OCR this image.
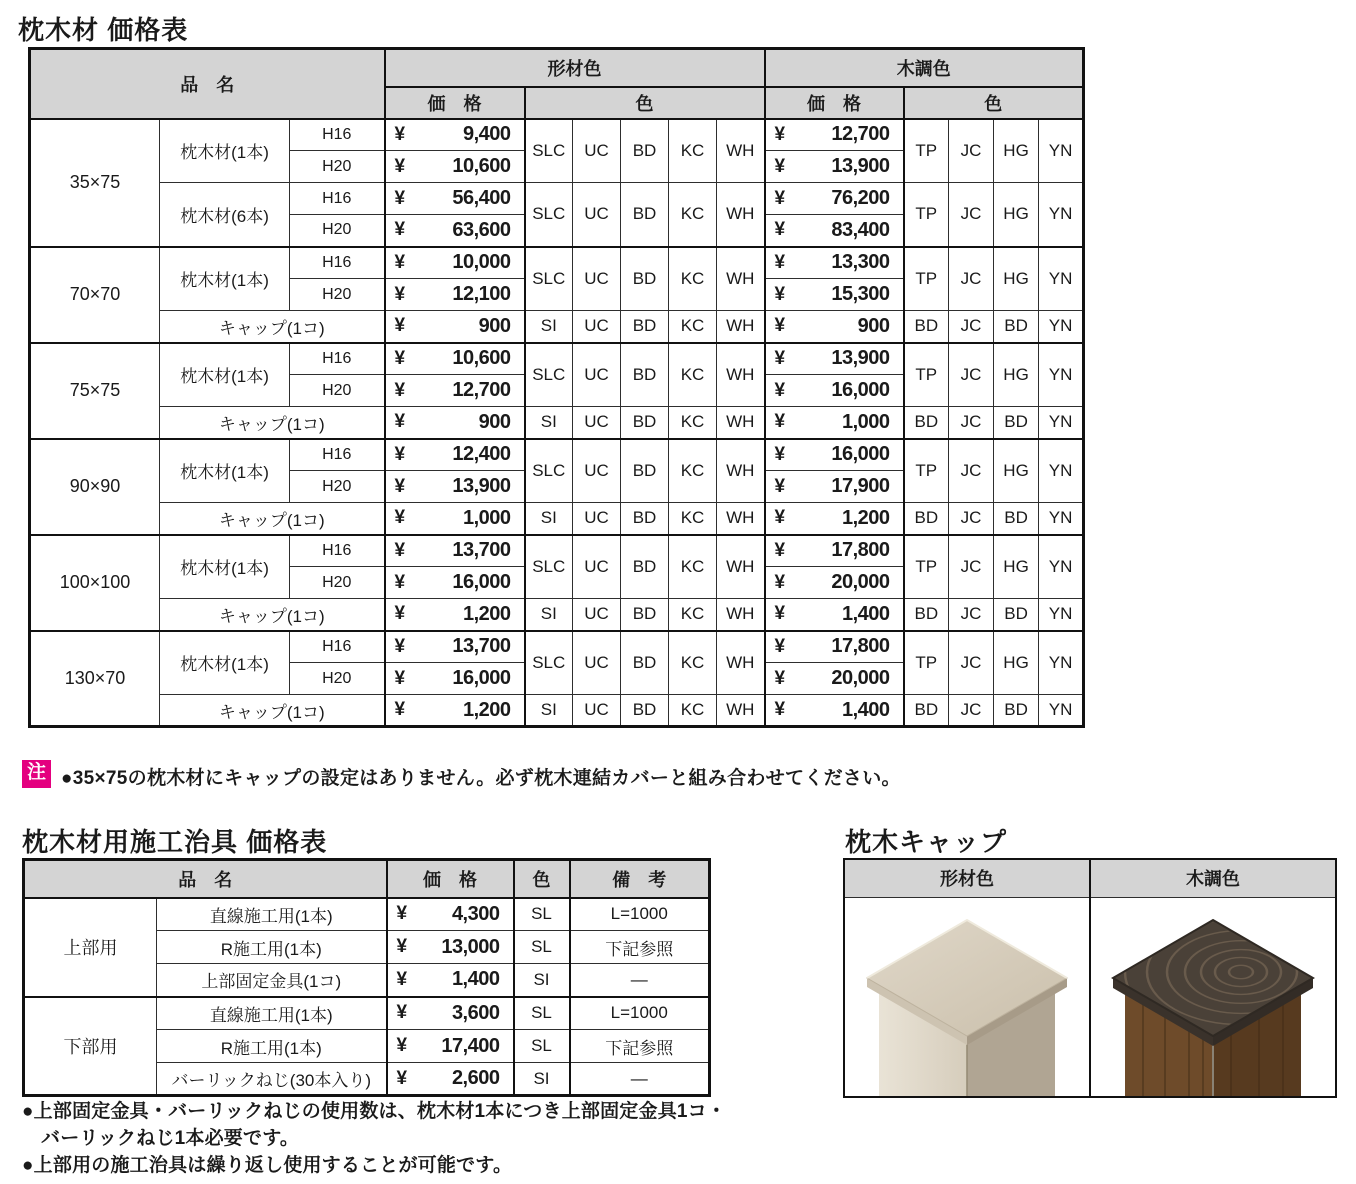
枕木材 価格表
品　名			形材色						木調色				
			価　格	色					価　格	色			
35×75	枕木材(1本)	H16	¥ 9,400	SLC	UC	BD	KC	WH	¥ 12,700	TP	JC	HG	YN
		H20	¥ 10,600						¥ 13,900				

	枕木材(6本)	H16	¥ 56,400	SLC	UC	BD	KC	WH	¥ 76,200	TP	JC	HG	YN
		H20	¥ 63,600						¥ 83,400				

70×70	枕木材(1本)	H16	¥ 10,000	SLC	UC	BD	KC	WH	¥ 13,300	TP	JC	HG	YN
		H20	¥ 12,100						¥ 15,300				

	キャップ(1コ)		¥ 900	SI	UC	BD	KC	WH	¥ 900	BD	JC	BD	YN
75×75	枕木材(1本)	H16	¥ 10,600	SLC	UC	BD	KC	WH	¥ 13,900	TP	JC	HG	YN
		H20	¥ 12,700						¥ 16,000				

	キャップ(1コ)		¥ 900	SI	UC	BD	KC	WH	¥ 1,000	BD	JC	BD	YN
90×90	枕木材(1本)	H16	¥ 12,400	SLC	UC	BD	KC	WH	¥ 16,000	TP	JC	HG	YN
		H20	¥ 13,900						¥ 17,900				

	キャップ(1コ)		¥ 1,000	SI	UC	BD	KC	WH	¥ 1,200	BD	JC	BD	YN
100×100	枕木材(1本)	H16	¥ 13,700	SLC	UC	BD	KC	WH	¥ 17,800	TP	JC	HG	YN
		H20	¥ 16,000						¥ 20,000				

	キャップ(1コ)		¥ 1,200	SI	UC	BD	KC	WH	¥ 1,400	BD	JC	BD	YN
130×70	枕木材(1本)	H16	¥ 13,700	SLC	UC	BD	KC	WH	¥ 17,800	TP	JC	HG	YN
		H20	¥ 16,000						¥ 20,000				

	キャップ(1コ)		¥ 1,200	SI	UC	BD	KC	WH	¥ 1,400	BD	JC	BD	YN
注 ●35×75の枕木材にキャップの設定はありません。必ず枕木連結カバーと組み合わせてください。
枕木材用施工治具 価格表
品　名		価　格	色	備　考
上部用	直線施工用(1本)	¥ 4,300	SL	L=1000
	R施工用(1本)	¥ 13,000	SL	下記参照
	上部固定金具(1コ)	¥ 1,400	SI	―
下部用	直線施工用(1本)	¥ 3,600	SL	L=1000
	R施工用(1本)	¥ 17,400	SL	下記参照
	バーリックねじ(30本入り)	¥ 2,600	SI	―
枕木キャップ
形材色	木調色

●上部固定金具・バーリックねじの使用数は、枕木材1本につき上部固定金具1コ・バーリックねじ1本必要です。

●上部用の施工治具は繰り返し使用することが可能です。
